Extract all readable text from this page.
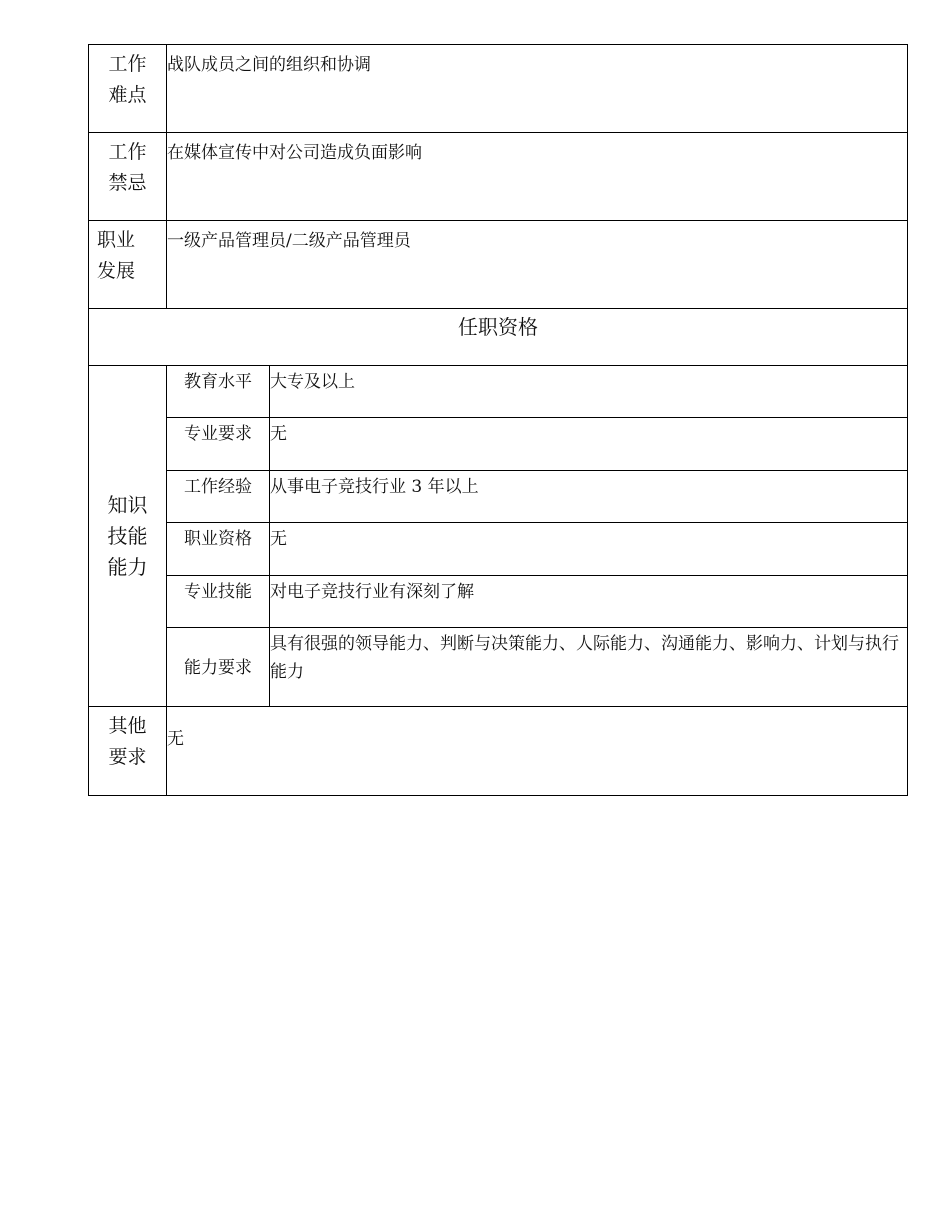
工作
难点	战队成员之间的组织和协调	

工作
禁忌	在媒体宣传中对公司造成负面影响	

职业
发展	一级产品管理员/二级产品管理员	
任职资格		

知识
技能
能力	教育水平	大专及以上
	专业要求	无
	工作经验	从事电子竞技行业 3 年以上
	职业资格	无
	专业技能	对电子竞技行业有深刻了解
	能力要求	具有很强的领导能力、判断与决策能力、人际能力、沟通能力、影响力、计划与执行能力

其他
要求	无	
